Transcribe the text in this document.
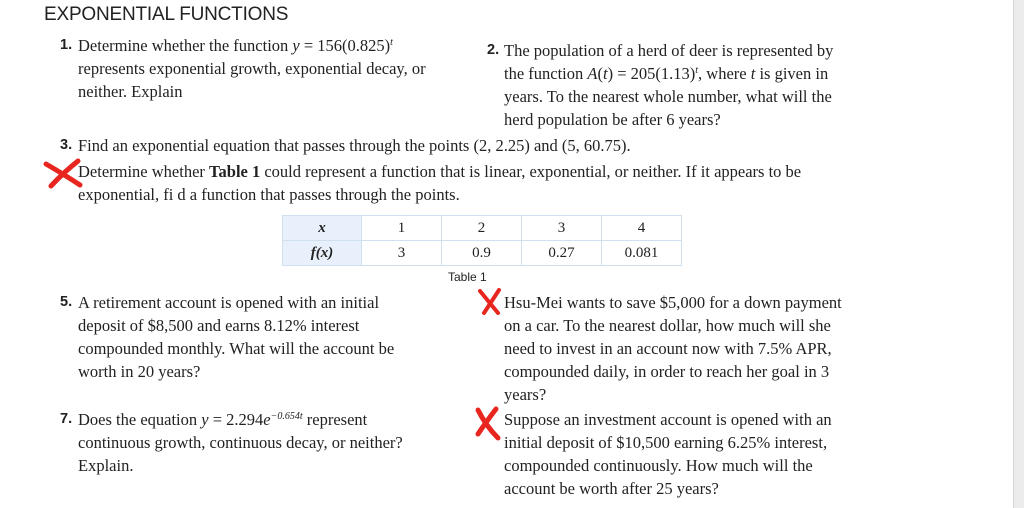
EXPONENTIAL FUNCTIONS
1. Determine whether the function $y = 156(0.825)^t$
represents exponential growth, exponential decay, or
neither. Explain
2. The population of a herd of deer is represented by
the function $A(t) = 205(1.13)^t$, where t is given in
years. To the nearest whole number, what will the
herd population be after 6 years?
3. Find an exponential equation that passes through the points (2, 2.25) and (5, 60.75).
Determine whether Table 1 could represent a function that is linear, exponential, or neither. If it appears to be
exponential, fi d a function that passes through the points.
x	1	2	3	4
f(x)	3	0.9	0.27	0.081
Table 1
5. A retirement account is opened with an initial
deposit of $8,500 and earns 8.12% interest
compounded monthly. What will the account be
worth in 20 years?
Hsu-Mei wants to save $5,000 for a down payment
on a car. To the nearest dollar, how much will she
need to invest in an account now with 7.5% APR,
compounded daily, in order to reach her goal in 3
years?
7. Does the equation $y = 2.294e^{-0.654t}$ represent
continuous growth, continuous decay, or neither?
Explain.
Suppose an investment account is opened with an
initial deposit of $10,500 earning 6.25% interest,
compounded continuously. How much will the
account be worth after 25 years?
